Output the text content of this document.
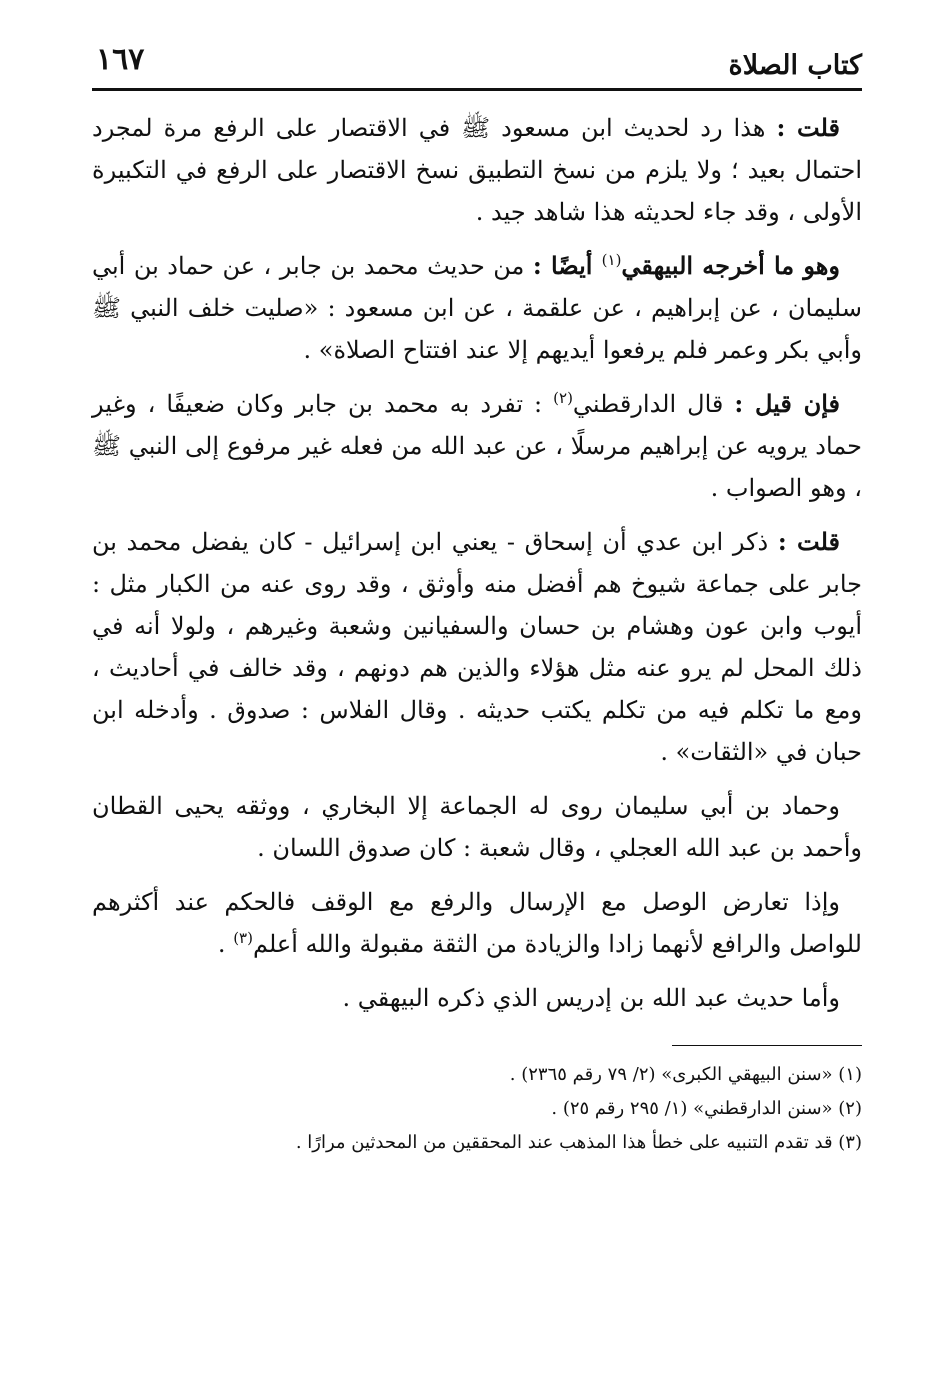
كتاب الصلاة
١٦٧

قلت : هذا رد لحديث ابن مسعود ﷺ في الاقتصار على الرفع مرة لمجرد احتمال بعيد ؛ ولا يلزم من نسخ التطبيق نسخ الاقتصار على الرفع في التكبيرة الأولى ، وقد جاء لحديثه هذا شاهد جيد .

وهو ما أخرجه البيهقي$^{(١)}$ أيضًا : من حديث محمد بن جابر ، عن حماد بن أبي سليمان ، عن إبراهيم ، عن علقمة ، عن ابن مسعود : «صليت خلف النبي ﷺ وأبي بكر وعمر فلم يرفعوا أيديهم إلا عند افتتاح الصلاة» .

فإن قيل : قال الدارقطني$^{(٢)}$ : تفرد به محمد بن جابر وكان ضعيفًا ، وغير حماد يرويه عن إبراهيم مرسلًا ، عن عبد الله من فعله غير مرفوع إلى النبي ﷺ ، وهو الصواب .

قلت : ذكر ابن عدي أن إسحاق - يعني ابن إسرائيل - كان يفضل محمد بن جابر على جماعة شيوخ هم أفضل منه وأوثق ، وقد روى عنه من الكبار مثل : أيوب وابن عون وهشام بن حسان والسفيانين وشعبة وغيرهم ، ولولا أنه في ذلك المحل لم يرو عنه مثل هؤلاء والذين هم دونهم ، وقد خالف في أحاديث ، ومع ما تكلم فيه من تكلم يكتب حديثه . وقال الفلاس : صدوق . وأدخله ابن حبان في «الثقات» .

وحماد بن أبي سليمان روى له الجماعة إلا البخاري ، ووثقه يحيى القطان وأحمد بن عبد الله العجلي ، وقال شعبة : كان صدوق اللسان .

وإذا تعارض الوصل مع الإرسال والرفع مع الوقف فالحكم عند أكثرهم للواصل والرافع لأنهما زادا والزيادة من الثقة مقبولة والله أعلم$^{(٣)}$ .

وأما حديث عبد الله بن إدريس الذي ذكره البيهقي .

(١) «سنن البيهقي الكبرى» (٢/ ٧٩ رقم ٢٣٦٥) .

(٢) «سنن الدارقطني» (١/ ٢٩٥ رقم ٢٥) .

(٣) قد تقدم التنبيه على خطأ هذا المذهب عند المحققين من المحدثين مرارًا .
